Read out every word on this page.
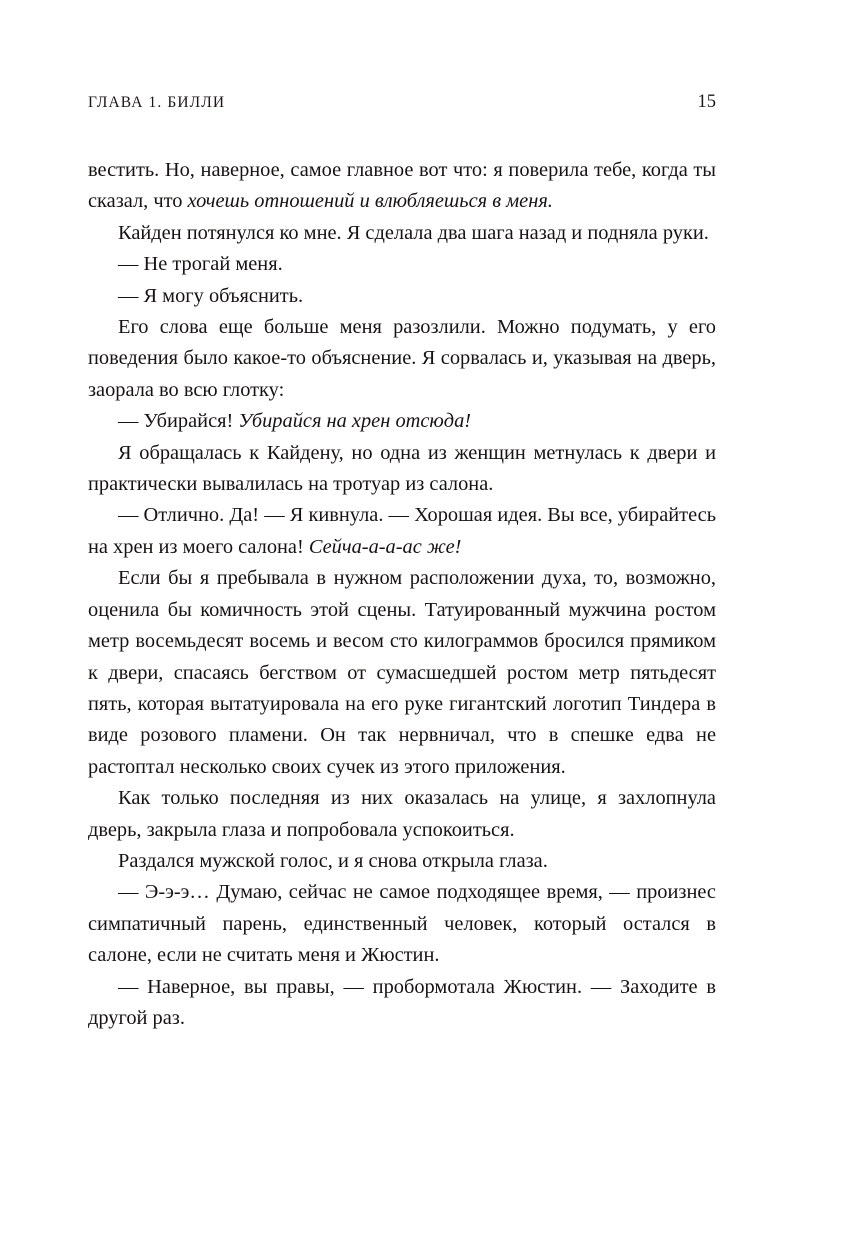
ГЛАВА 1. БИЛЛИ	15

вестить. Но, наверное, самое главное вот что: я поверила тебе, когда ты сказал, что хочешь отношений и влюбляешься в меня.

Кайден потянулся ко мне. Я сделала два шага назад и подняла руки.

— Не трогай меня.

— Я могу объяснить.

Его слова еще больше меня разозлили. Можно подумать, у его поведения было какое-то объяснение. Я сорвалась и, указывая на дверь, заорала во всю глотку:

— Убирайся! Убирайся на хрен отсюда!

Я обращалась к Кайдену, но одна из женщин метнулась к двери и практически вывалилась на тротуар из салона.

— Отлично. Да! — Я кивнула. — Хорошая идея. Вы все, убирайтесь на хрен из моего салона! Сейча-а-а-ас же!

Если бы я пребывала в нужном расположении духа, то, возможно, оценила бы комичность этой сцены. Татуированный мужчина ростом метр восемьдесят восемь и весом сто килограммов бросился прямиком к двери, спасаясь бегством от сумасшедшей ростом метр пятьдесят пять, которая вытатуировала на его руке гигантский логотип Тиндера в виде розового пламени. Он так нервничал, что в спешке едва не растоптал несколько своих сучек из этого приложения.

Как только последняя из них оказалась на улице, я захлопнула дверь, закрыла глаза и попробовала успокоиться.

Раздался мужской голос, и я снова открыла глаза.

— Э-э-э… Думаю, сейчас не самое подходящее время, — произнес симпатичный парень, единственный человек, который остался в салоне, если не считать меня и Жюстин.

— Наверное, вы правы, — пробормотала Жюстин. — Заходите в другой раз.
